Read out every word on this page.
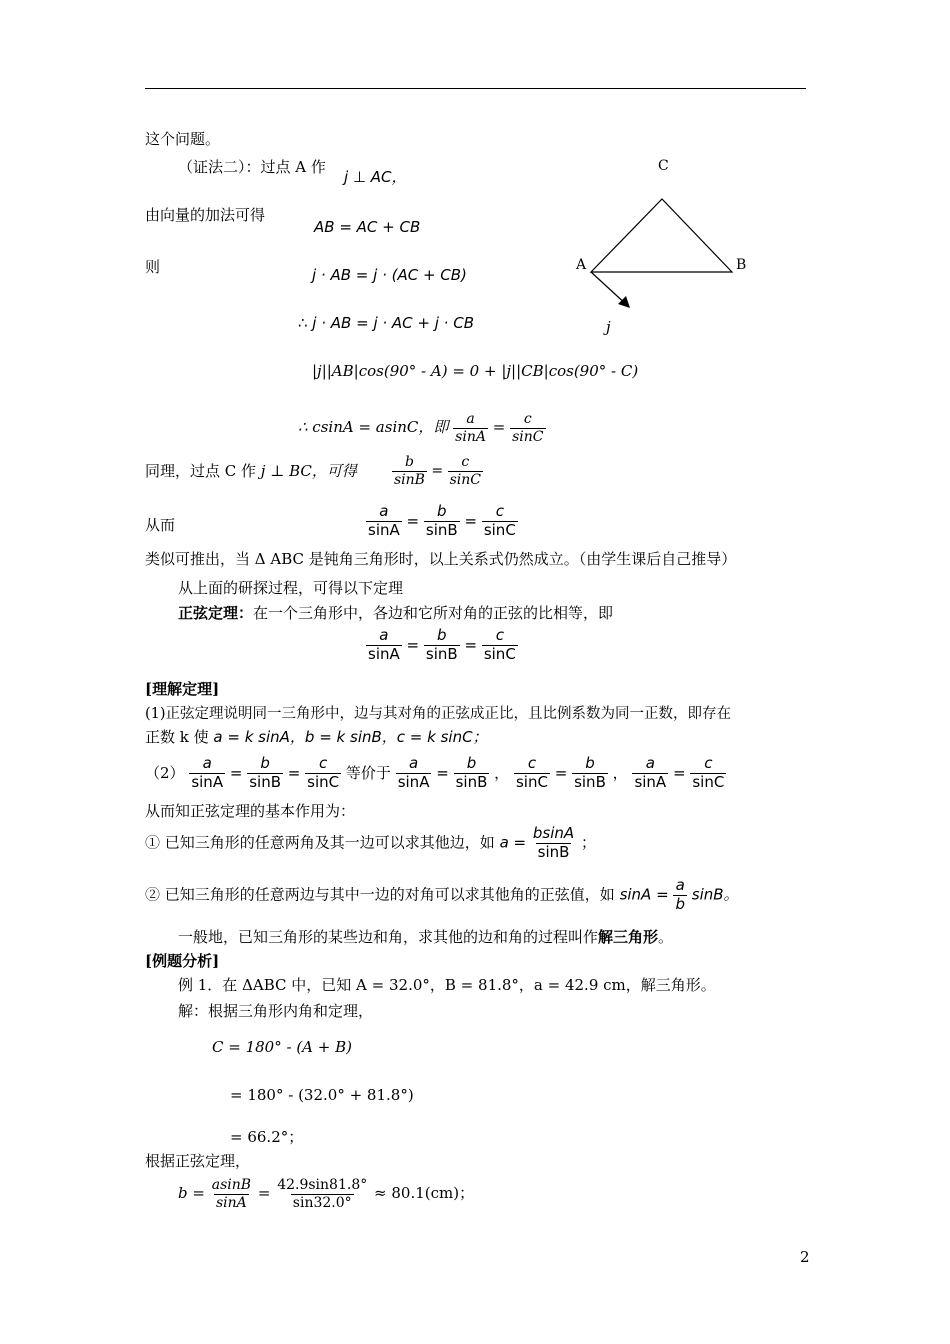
这个问题。
（证法二）：过点 A 作
j ⊥ AC，
由向量的加法可得
AB = AC + CB
则	j · AB = j · (AC + CB)
∴ j · AB = j · AC + j · CB
|j||AB|cos(90° - A) = 0 + |j||CB|cos(90° - C)
∴ csinA = asinC，即 $\frac{a}{\sin A} = \frac{c}{\sin C}$
同理，过点 C 作 j ⊥ BC，可得	$\frac{b}{\sin B} = \frac{c}{\sin C}$
从而	$\frac{a}{\sin A} = \frac{b}{\sin B} = \frac{c}{\sin C}$
C
A	B
j
类似可推出，当 Δ ABC 是钝角三角形时，以上关系式仍然成立。（由学生课后自己推导）
从上面的研探过程，可得以下定理
正弦定理：在一个三角形中，各边和它所对角的正弦的比相等，即
$\frac{a}{\sin A} = \frac{b}{\sin B} = \frac{c}{\sin C}$
[理解定理]
(1)正弦定理说明同一三角形中，边与其对角的正弦成正比，且比例系数为同一正数，即存在
正数 k 使 a = k sinA，b = k sinB，c = k sinC；
$(2) \frac{a}{\sin A} = \frac{b}{\sin B} = \frac{c}{\sin C}$ 等价于 $\frac{a}{\sin A} = \frac{b}{\sin B}$ ， $\frac{c}{\sin C} = \frac{b}{\sin B}$ ， $\frac{a}{\sin A} = \frac{c}{\sin C}$
从而知正弦定理的基本作用为：
① 已知三角形的任意两角及其一边可以求其他边，如 $a = \frac{bsinA}{\sin B}$ ；
② 已知三角形的任意两边与其中一边的对角可以求其他角的正弦值，如 $\sin A = \frac{a}{b}$ sinB。
一般地，已知三角形的某些边和角，求其他的边和角的过程叫作解三角形。
[例题分析]
例 1．在 ΔABC 中，已知 A = 32.0°，B = 81.8°，a = 42.9 cm，解三角形。
解：根据三角形内角和定理，
C = 180° - (A + B)
= 180° - (32.0° + 81.8°)
= 66.2°；
根据正弦定理，
$b = \frac{asinB}{\sin A} = \frac{42.9\sin 81.8^\circ}{\sin 32.0^\circ} \approx 80.1(cm)$；
2
